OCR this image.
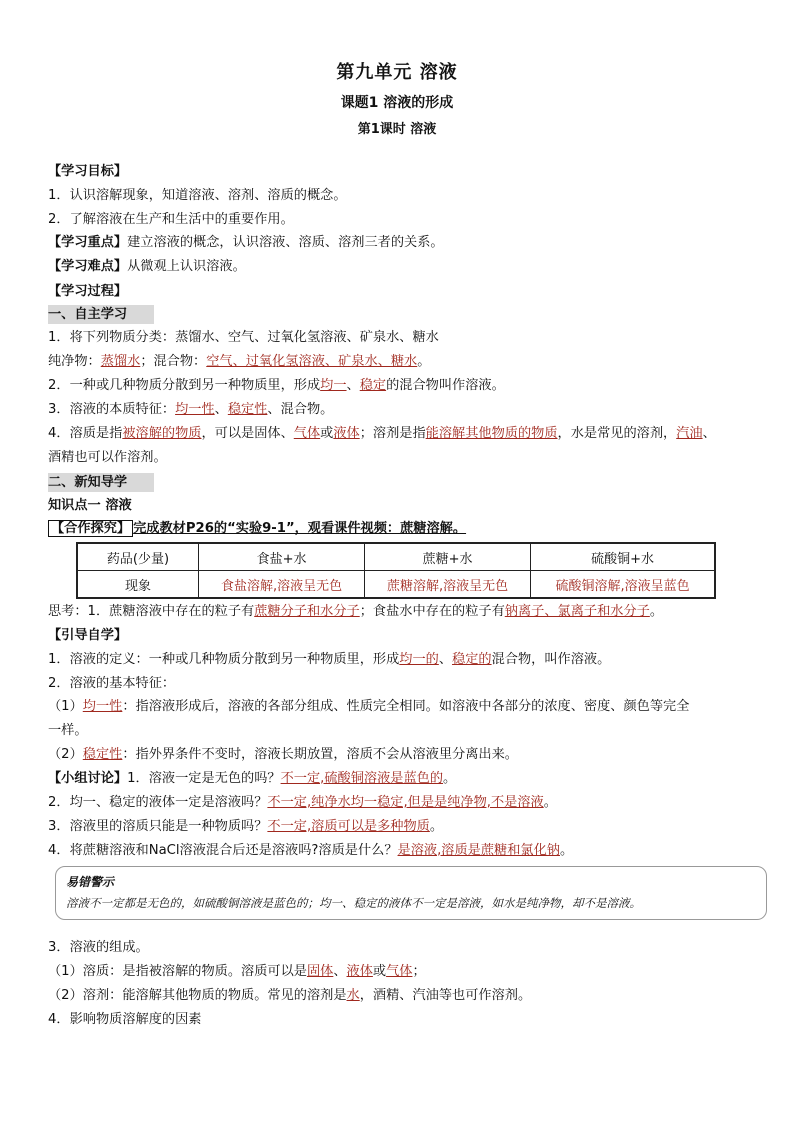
第九单元 溶液
课题1 溶液的形成
第1课时 溶液
【学习目标】
1．认识溶解现象，知道溶液、溶剂、溶质的概念。
2．了解溶液在生产和生活中的重要作用。
【学习重点】建立溶液的概念，认识溶液、溶质、溶剂三者的关系。
【学习难点】从微观上认识溶液。
【学习过程】
一、自主学习
1．将下列物质分类：蒸馏水、空气、过氧化氢溶液、矿泉水、糖水
纯净物：蒸馏水；混合物：空气、过氧化氢溶液、矿泉水、糖水。
2．一种或几种物质分散到另一种物质里，形成均一、稳定的混合物叫作溶液。
3．溶液的本质特征：均一性、稳定性、混合物。
4．溶质是指被溶解的物质，可以是固体、气体或液体；溶剂是指能溶解其他物质的物质，水是常见的溶剂，汽油、
酒精也可以作溶剂。
二、新知导学
知识点一 溶液
【合作探究】 完成教材P26的“实验9-1”，观看课件视频：蔗糖溶解。
药品(少量)	食盐+水	蔗糖+水	硫酸铜+水
现象	食盐溶解,溶液呈无色	蔗糖溶解,溶液呈无色	硫酸铜溶解,溶液呈蓝色
思考：1．蔗糖溶液中存在的粒子有蔗糖分子和水分子；食盐水中存在的粒子有钠离子、氯离子和水分子。
【引导自学】
1．溶液的定义：一种或几种物质分散到另一种物质里，形成均一的、稳定的混合物，叫作溶液。
2．溶液的基本特征：
（1）均一性：指溶液形成后，溶液的各部分组成、性质完全相同。如溶液中各部分的浓度、密度、颜色等完全
一样。
（2）稳定性：指外界条件不变时，溶液长期放置，溶质不会从溶液里分离出来。
【小组讨论】1．溶液一定是无色的吗？不一定,硫酸铜溶液是蓝色的。
2．均一、稳定的液体一定是溶液吗？不一定,纯净水均一稳定,但是是纯净物,不是溶液。
3．溶液里的溶质只能是一种物质吗？不一定,溶质可以是多种物质。
4．将蔗糖溶液和NaCl溶液混合后还是溶液吗?溶质是什么？是溶液,溶质是蔗糖和氯化钠。
易错警示
溶液不一定都是无色的，如硫酸铜溶液是蓝色的；均一、稳定的液体不一定是溶液，如水是纯净物，却不是溶液。
3．溶液的组成。
（1）溶质：是指被溶解的物质。溶质可以是固体、液体或气体；
（2）溶剂：能溶解其他物质的物质。常见的溶剂是水，酒精、汽油等也可作溶剂。
4．影响物质溶解度的因素
